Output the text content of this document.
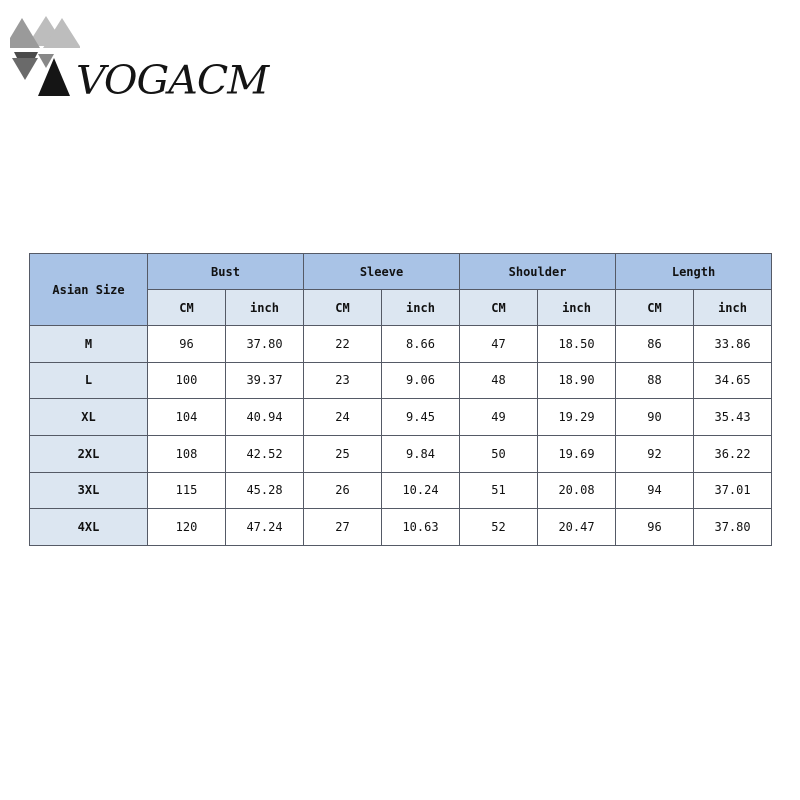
VOGACM
Asian Size	Bust		Sleeve		Shoulder		Length	
	CM	inch	CM	inch	CM	inch	CM	inch
M	96	37.80	22	8.66	47	18.50	86	33.86
L	100	39.37	23	9.06	48	18.90	88	34.65
XL	104	40.94	24	9.45	49	19.29	90	35.43
2XL	108	42.52	25	9.84	50	19.69	92	36.22
3XL	115	45.28	26	10.24	51	20.08	94	37.01
4XL	120	47.24	27	10.63	52	20.47	96	37.80
